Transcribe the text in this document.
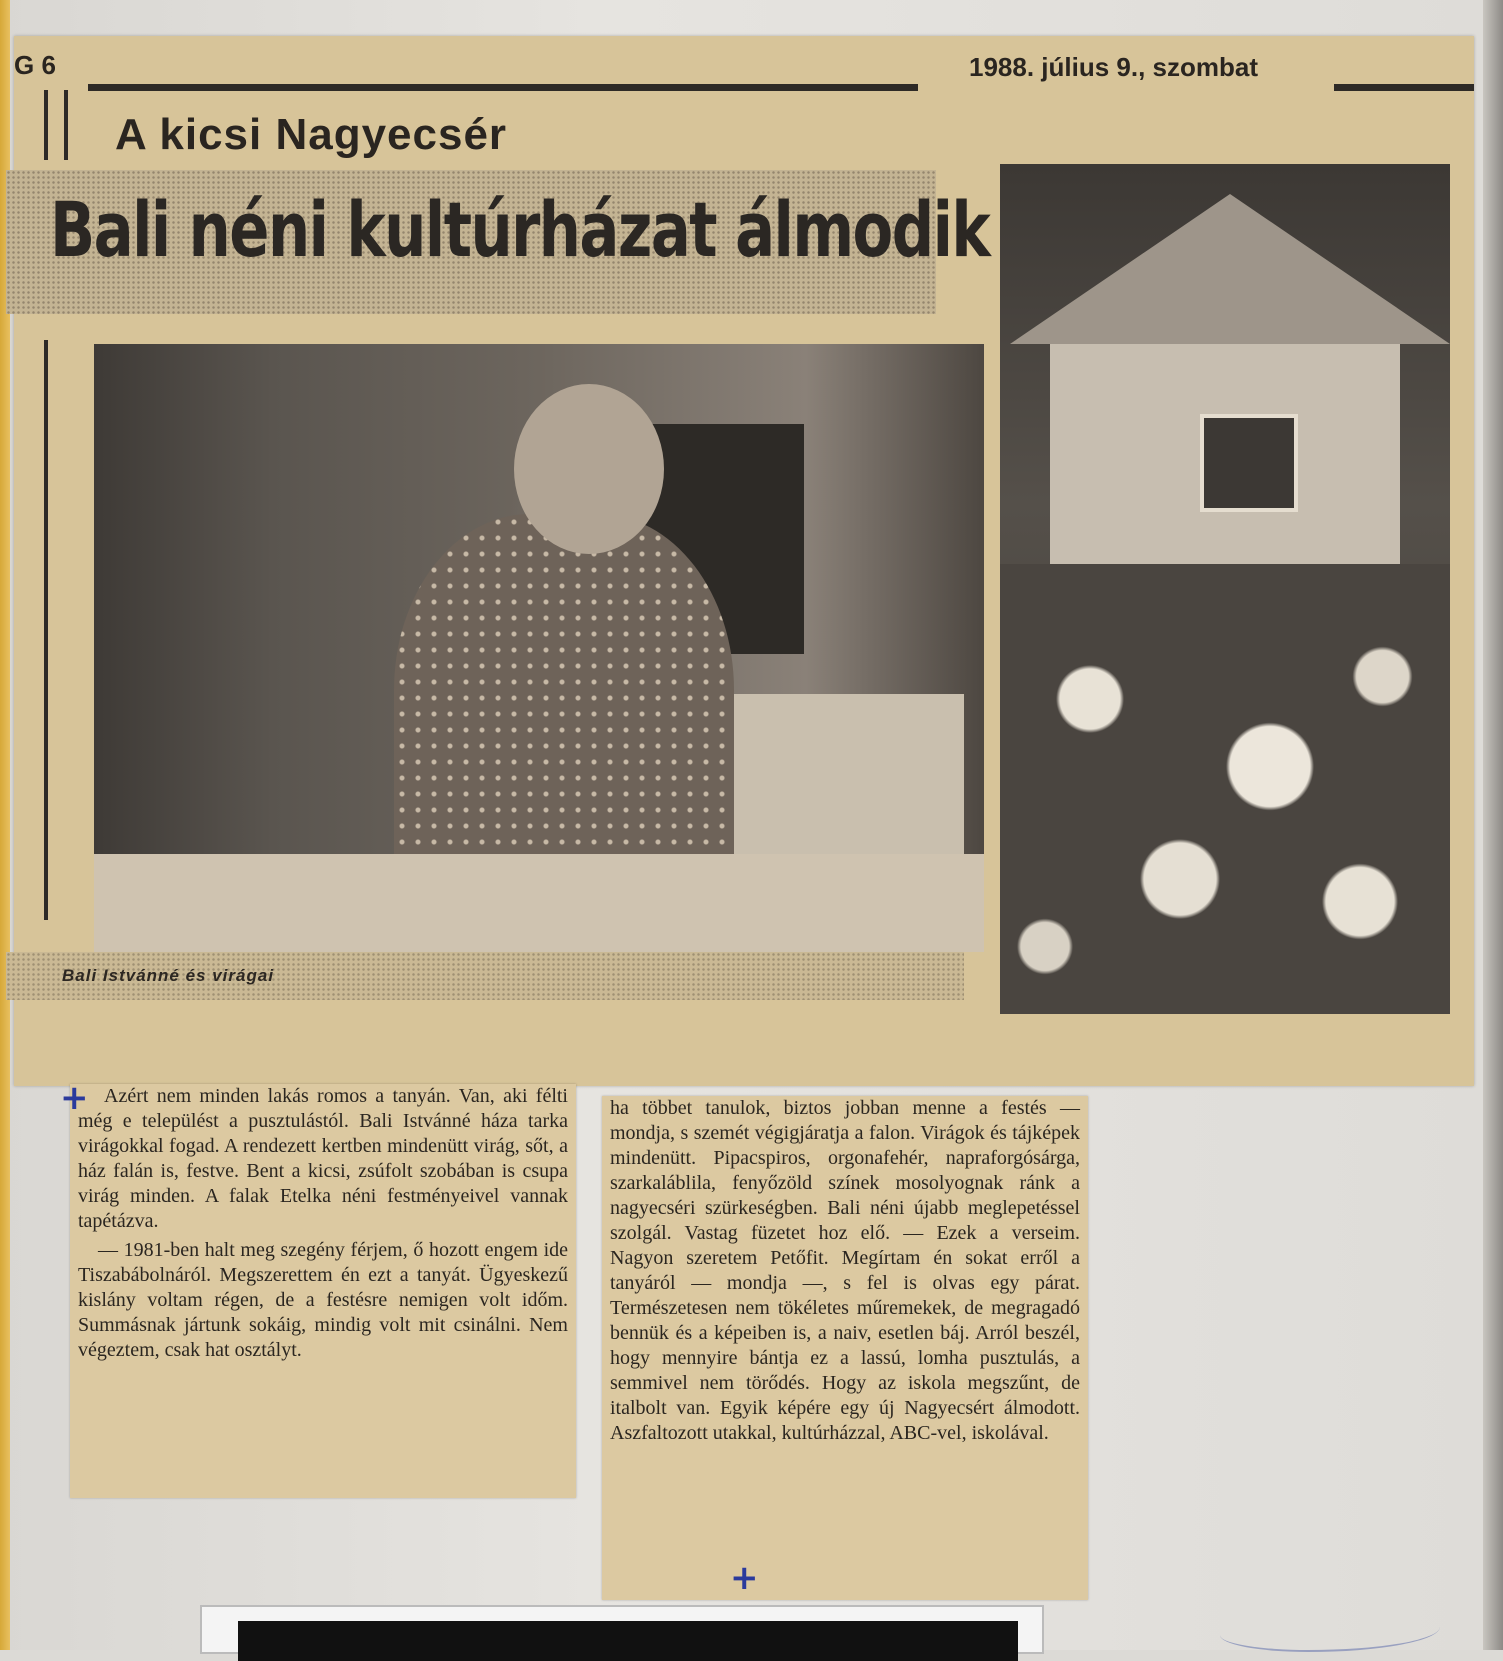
G 6	1988. július 9., szombat
A kicsi Nagyecsér
Bali néni kultúrházat álmodik
Bali Istvánné és virágai

Azért nem minden lakás romos a tanyán. Van, aki félti még e települést a pusztulástól. Bali Istvánné háza tarka virágokkal fogad. A rendezett kertben mindenütt virág, sőt, a ház falán is, festve. Bent a kicsi, zsúfolt szobában is csupa virág minden. A falak Etelka néni festményeivel vannak tapétázva.

— 1981-ben halt meg szegény férjem, ő hozott engem ide Tiszabábolnáról. Megszerettem én ezt a tanyát. Ügyeskezű kislány voltam régen, de a festésre nemigen volt időm. Summásnak jártunk sokáig, mindig volt mit csinálni. Nem végeztem, csak hat osztályt.

ha többet tanulok, biztos jobban menne a festés — mondja, s szemét végigjáratja a falon. Virágok és tájképek mindenütt. Pipacspiros, orgonafehér, napraforgósárga, szarkaláblila, fenyőzöld színek mosolyognak ránk a nagyecséri szürkeségben. Bali néni újabb meglepetéssel szolgál. Vastag füzetet hoz elő. — Ezek a verseim. Nagyon szeretem Petőfit. Megírtam én sokat erről a tanyáról — mondja —, s fel is olvas egy párat. Természetesen nem tökéletes műremekek, de megragadó bennük és a képeiben is, a naiv, esetlen báj. Arról beszél, hogy mennyire bántja ez a lassú, lomha pusztulás, a semmivel nem törődés. Hogy az iskola megszűnt, de italbolt van. Egyik képére egy új Nagyecsért álmodott. Aszfaltozott utakkal, kultúrházzal, ABC-vel, iskolával.

+
+
